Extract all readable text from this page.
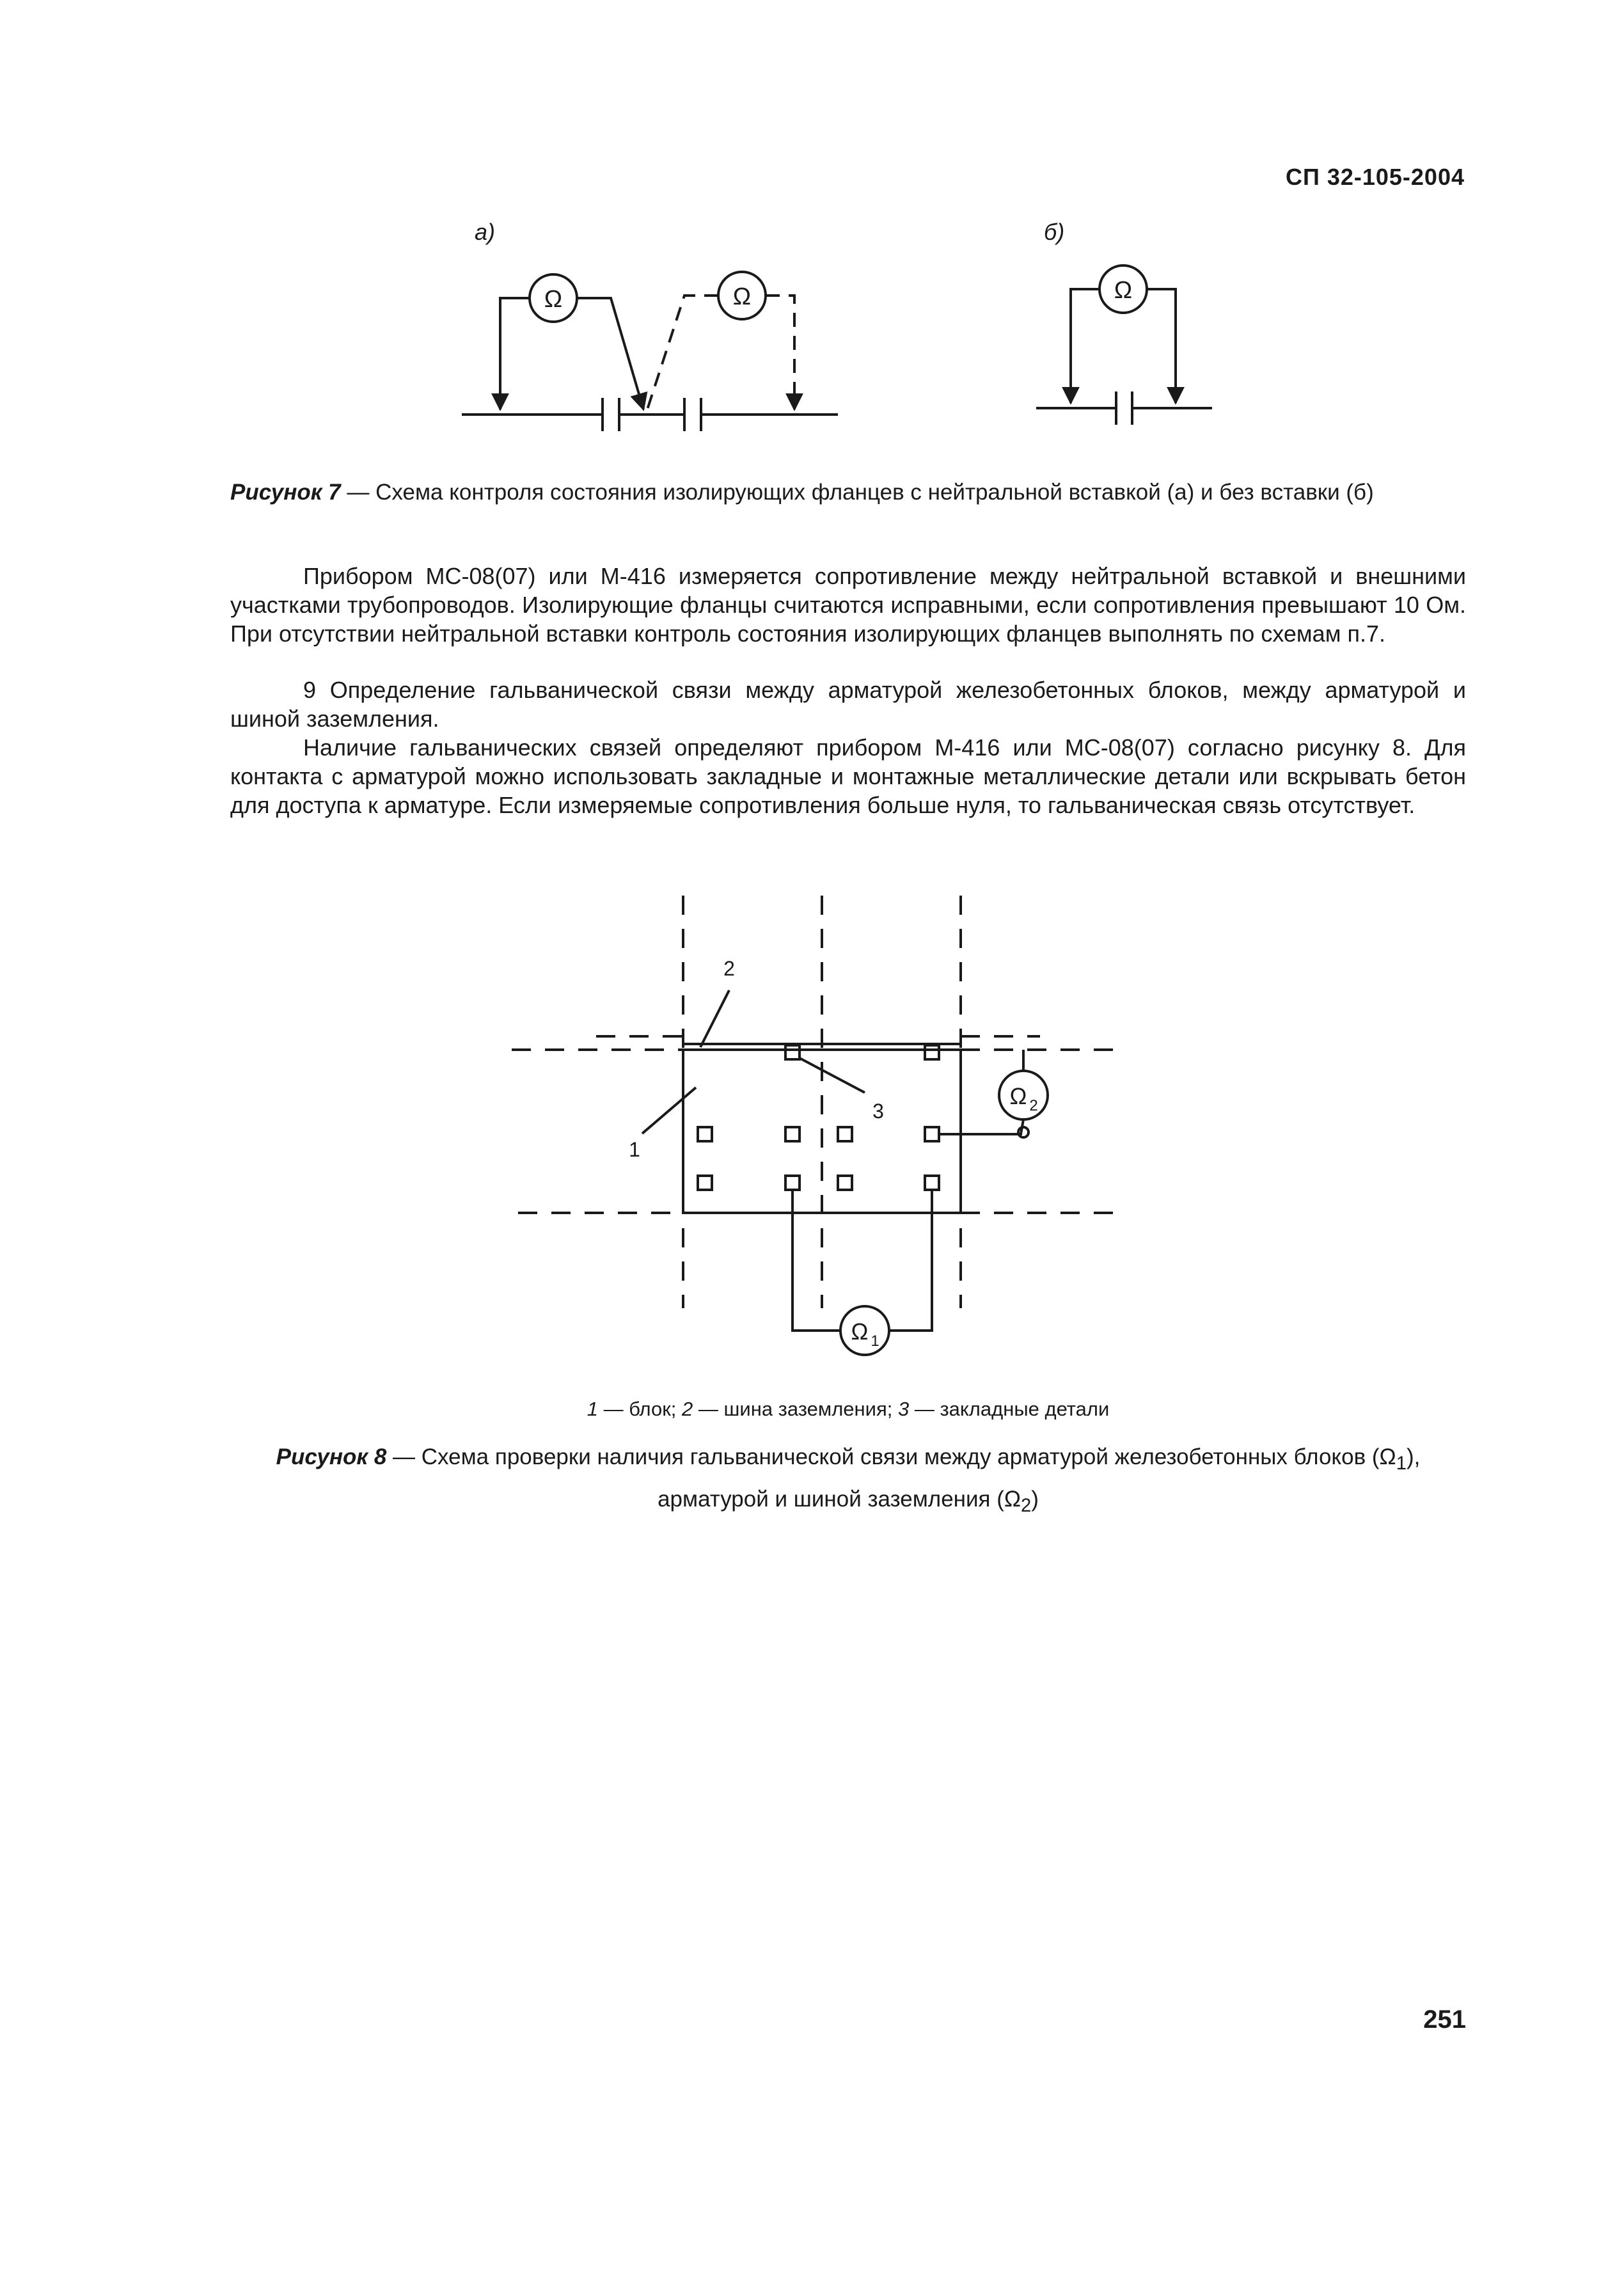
СП 32-105-2004
а)
Ω	Ω
б)
Ω
2
1
3
Ω 2
Ω 1
Рисунок 7 — Схема контроля состояния изолирующих фланцев с нейтральной вставкой (а) и без вставки (б)
Прибором МС-08(07) или М-416 измеряется сопротивление между нейтральной вставкой и внешними участками трубопроводов. Изолирующие фланцы считаются исправными, если сопротивления превышают 10 Ом. При отсутствии нейтральной вставки контроль состояния изолирующих фланцев выполнять по схемам п.7.
9 Определение гальванической связи между арматурой железобетонных блоков, между арматурой и шиной заземления.
Наличие гальванических связей определяют прибором М-416 или МС-08(07) согласно рисунку 8. Для контакта с арматурой можно использовать закладные и монтажные металлические детали или вскрывать бетон для доступа к арматуре. Если измеряемые сопротивления больше нуля, то гальваническая связь отсутствует.
1 — блок; 2 — шина заземления; 3 — закладные детали
Рисунок 8 — Схема проверки наличия гальванической связи между арматурой железобетонных блоков $(\Omega_1)$,
арматурой и шиной заземления $(\Omega_2)$
251
